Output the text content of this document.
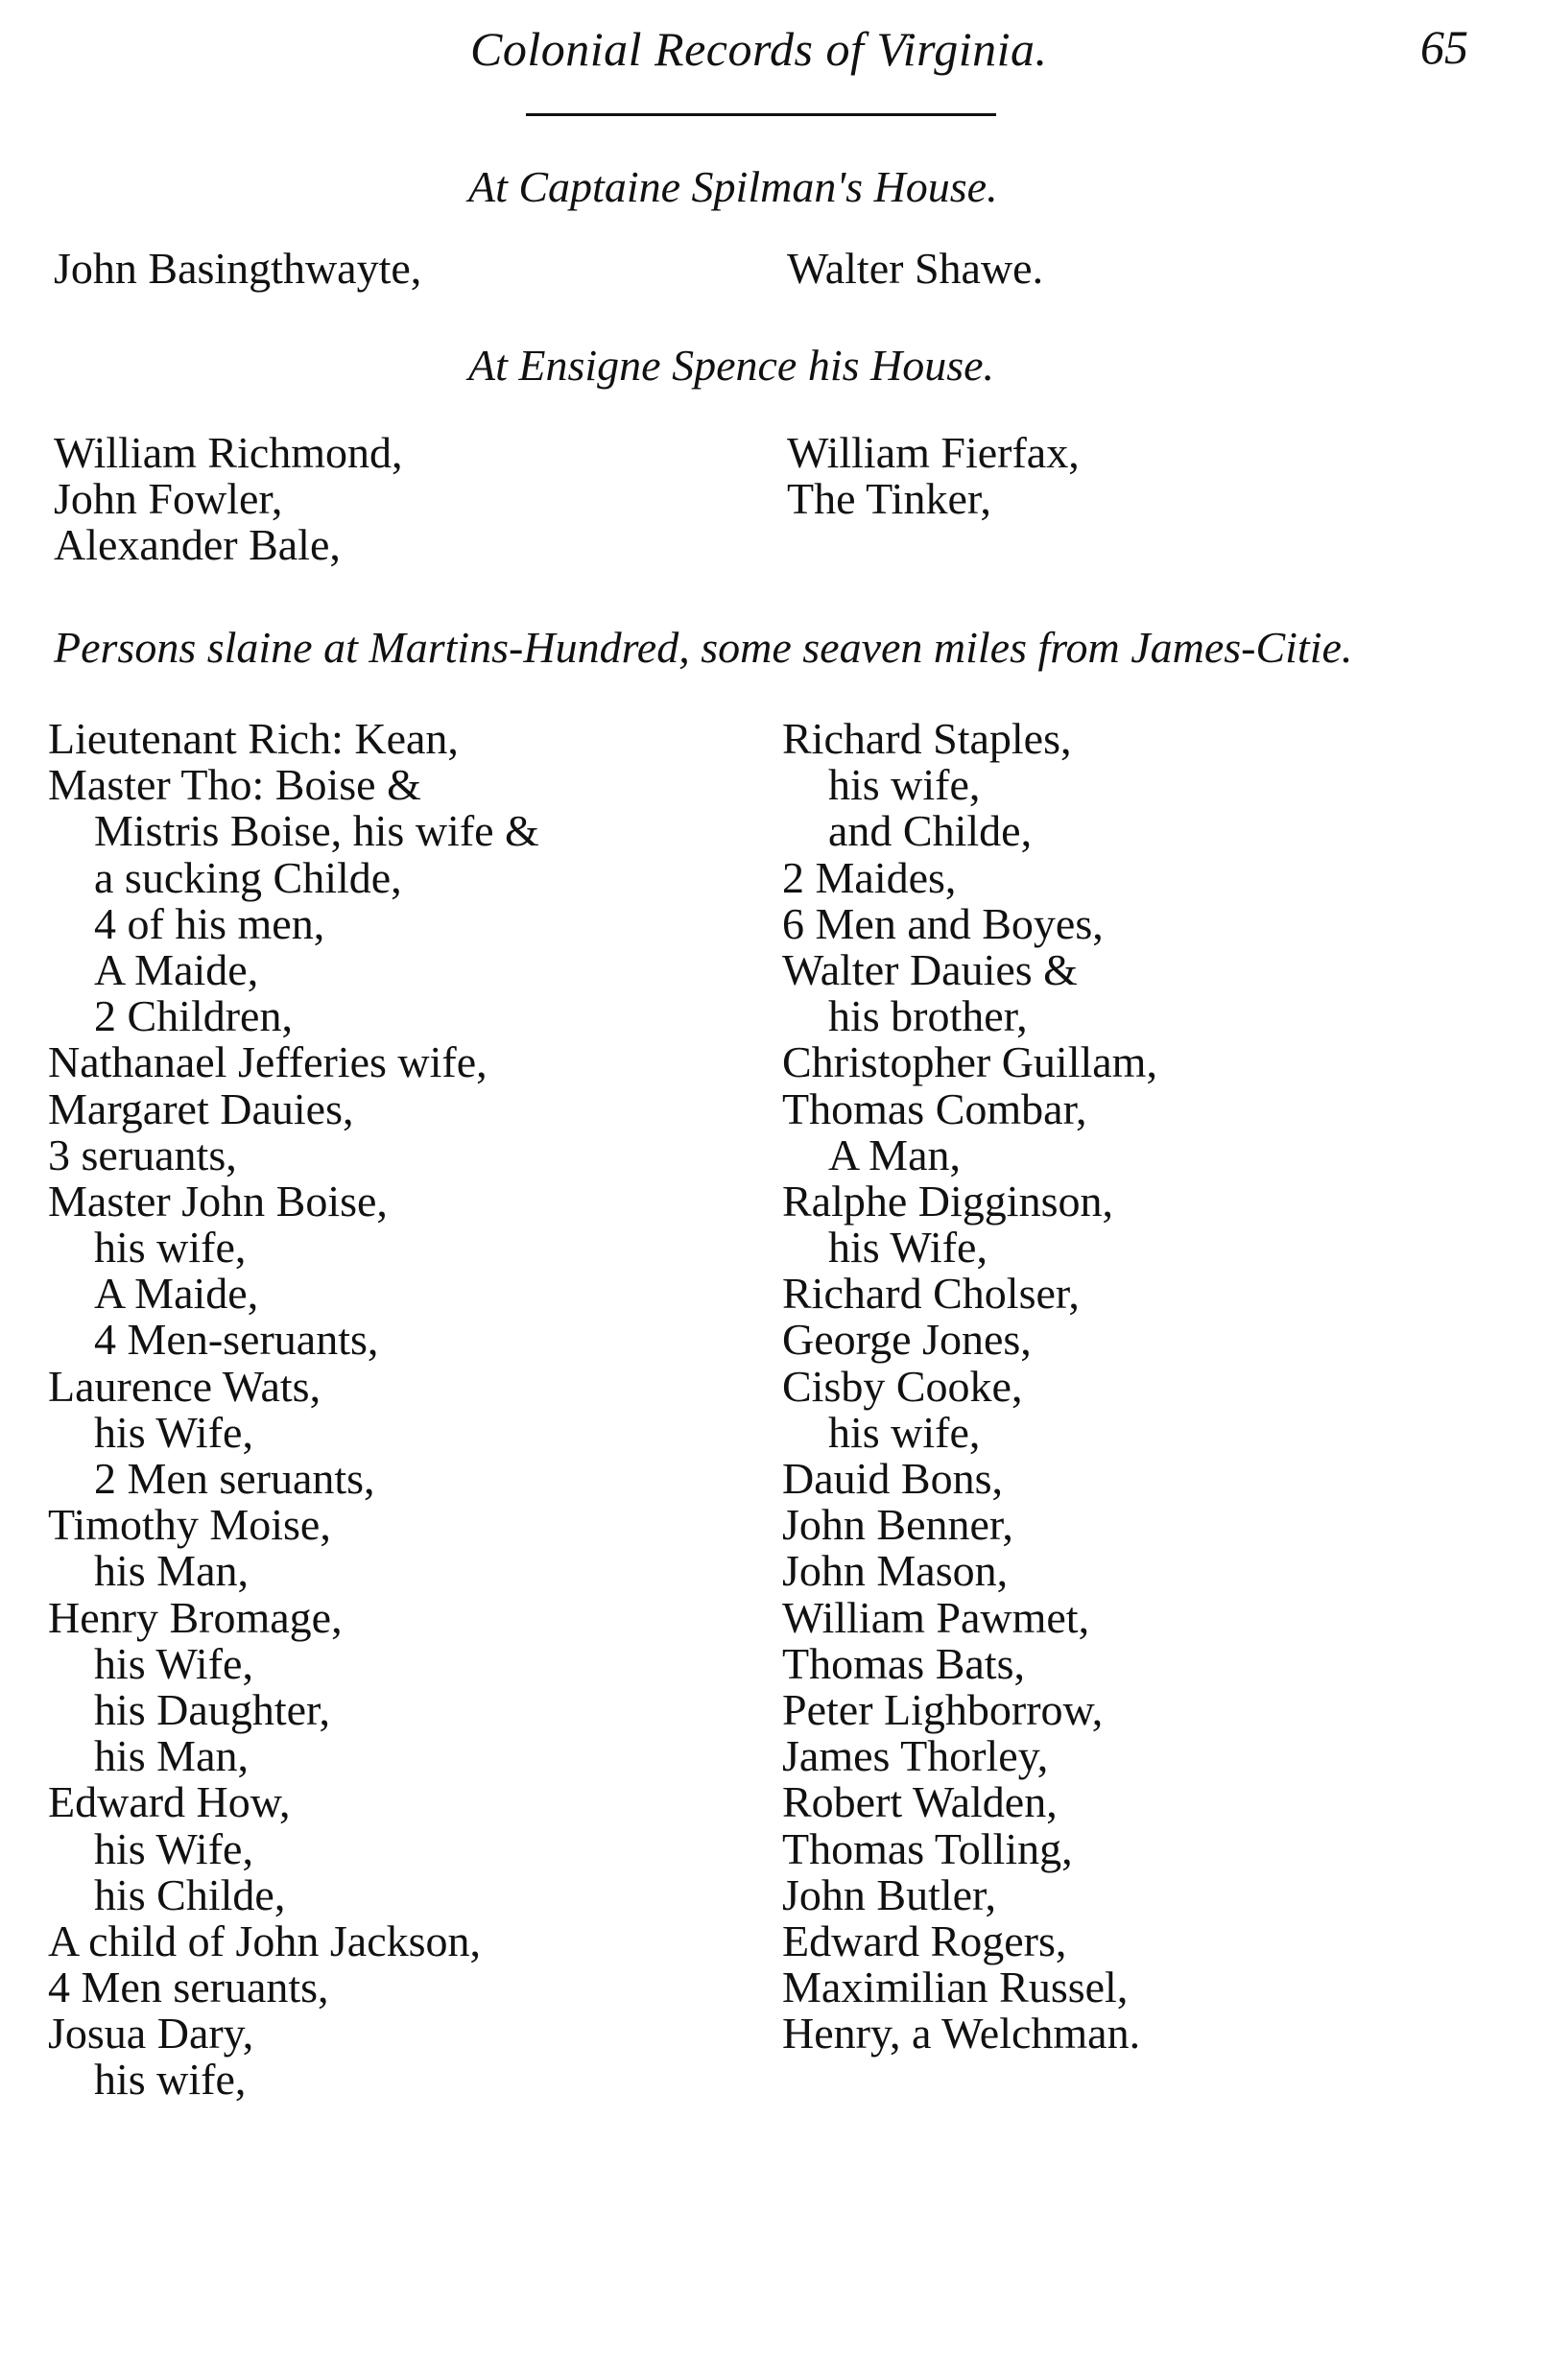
Colonial Records of Virginia.	65
At Captaine Spilman's House.
John Basingthwayte,	Walter Shawe.
At Ensigne Spence his House.
William Richmond,
John Fowler,
Alexander Bale,
William Fierfax,
The Tinker,
Persons slaine at Martins-Hundred, some seaven miles from James-Citie.
Lieutenant Rich: Kean,
Master Tho: Boise &
Mistris Boise, his wife &
a sucking Childe,
4 of his men,
A Maide,
2 Children,
Nathanael Jefferies wife,
Margaret Dauies,
3 seruants,
Master John Boise,
his wife,
A Maide,
4 Men-seruants,
Laurence Wats,
his Wife,
2 Men seruants,
Timothy Moise,
his Man,
Henry Bromage,
his Wife,
his Daughter,
his Man,
Edward How,
his Wife,
his Childe,
A child of John Jackson,
4 Men seruants,
Josua Dary,
his wife,
Richard Staples,
his wife,
and Childe,
2 Maides,
6 Men and Boyes,
Walter Dauies &
his brother,
Christopher Guillam,
Thomas Combar,
A Man,
Ralphe Digginson,
his Wife,
Richard Cholser,
George Jones,
Cisby Cooke,
his wife,
Dauid Bons,
John Benner,
John Mason,
William Pawmet,
Thomas Bats,
Peter Lighborrow,
James Thorley,
Robert Walden,
Thomas Tolling,
John Butler,
Edward Rogers,
Maximilian Russel,
Henry, a Welchman.
